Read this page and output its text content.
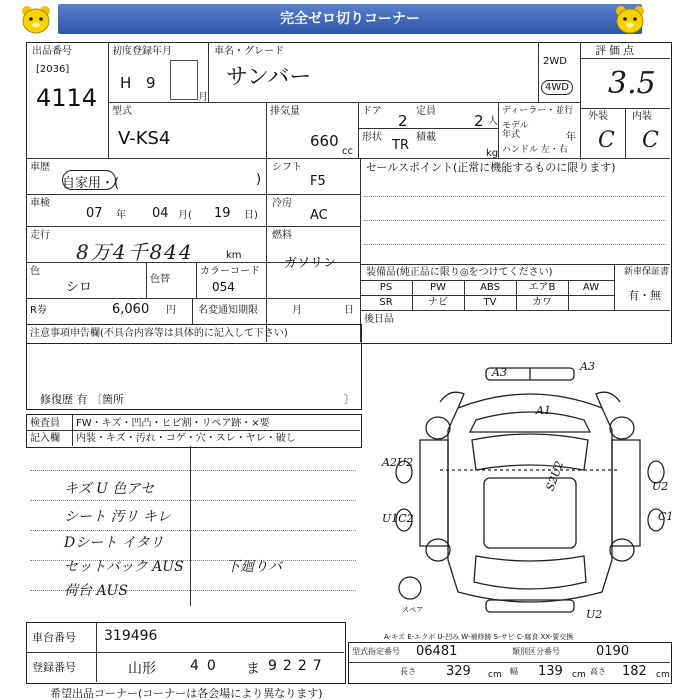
完全ゼロ切りコーナー
出品番号
[2036]
4114
初度登録年月
H 9
月
車名・グレード
サンバー
2WD
4WD
評価点
3.5
外装 内装
C C
型式
V-KS4
排気量
660
cc
ドア
2
定員
2 人
形状
TR
積載
kg
ディーラー・並行
モデル
年式	年
ハンドル 左・右
車歴
自家用・(	)
シフト
F5
車検
07 年 04 月( 19 日)
冷房
AC
走行
8万4千844	km
燃料
ガソリン
色
シロ
色替
カラーコード
054
R券	6,060 円 名変通知期限	月	日
注意事項申告欄(不具合内容等は具体的に記入して下さい)
修復歴 有 〔箇所	〕
セールスポイント(正常に機能するものに限ります)
装備品(純正品に限り◎をつけてください)	新車保証書
有・無
PS	PW	ABS	エアB	AW
SR	ナビ	TV	カワ
後日品
検査員
記入欄
FW・キズ・凹凸・ヒビ割・リペア跡・×要
内装・キズ・汚れ・コゲ・穴・スレ・ヤレ・破し
キズ U 色アセ
シート 汚リ キレ
Dシート イタリ
セットバック AUS
荷台 AUS
下廻りバ
A3	A3
A1
A2U2
U1C2
S2U2	U2
C1
U2
スペア
A-キズ E-エクボ U-凹み W-補修跡 S-サビ C-腐食 XX-要交換
車台番号 319496
登録番号	山形 40 ま 9227
型式指定番号 06481	類別区分番号	0190
長さ 329 cm 幅 139 cm 高さ 182 cm
希望出品コーナー(コーナーは各会場により異なります)
